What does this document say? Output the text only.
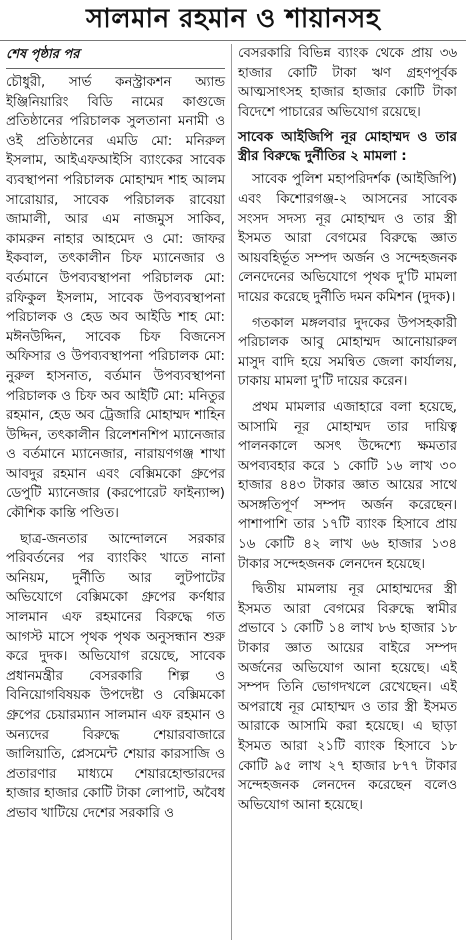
সালমান রহমান ও শায়ানসহ
শেষ পৃষ্ঠার পর

চৌধুরী, সার্ভ কনস্ট্রাকশন অ্যান্ড ইঞ্জিনিয়ারিং বিডি নামের কাগুজে প্রতিষ্ঠানের পরিচালক সুলতানা মনামী ও ওই প্রতিষ্ঠানের এমডি মো: মনিরুল ইসলাম, আইএফআইসি ব্যাংকের সাবেক ব্যবস্থাপনা পরিচালক মোহাম্মদ শাহ আলম সারোয়ার, সাবেক পরিচালক রাবেয়া জামালী, আর এম নাজমুস সাকিব, কামরুন নাহার আহমেদ ও মো: জাফর ইকবাল, তৎকালীন চিফ ম্যানেজার ও বর্তমানে উপব্যবস্থাপনা পরিচালক মো: রফিকুল ইসলাম, সাবেক উপব্যবস্থাপনা পরিচালক ও হেড অব আইডি শাহ মো: মঈনউদ্দিন, সাবেক চিফ বিজনেস অফিসার ও উপব্যবস্থাপনা পরিচালক মো: নুরুল হাসনাত, বর্তমান উপব্যবস্থাপনা পরিচালক ও চিফ অব আইটি মো: মনিতুর রহমান, হেড অব ট্রেজারি মোহাম্মদ শাহিন উদ্দিন, তৎকালীন রিলেশনশিপ ম্যানেজার ও বর্তমানে ম্যানেজার, নারায়ণগঞ্জ শাখা আবদুর রহমান এবং বেক্সিমকো গ্রুপের ডেপুটি ম্যানেজার (করপোরেট ফাইন্যান্স) কৌশিক কান্তি পণ্ডিত।

ছাত্র-জনতার আন্দোলনে সরকার পরিবর্তনের পর ব্যাংকিং খাতে নানা অনিয়ম, দুর্নীতি আর লুটপাটের অভিযোগে বেক্সিমকো গ্রুপের কর্ণধার সালমান এফ রহমানের বিরুদ্ধে গত আগস্ট মাসে পৃথক পৃথক অনুসন্ধান শুরু করে দুদক। অভিযোগ রয়েছে, সাবেক প্রধানমন্ত্রীর বেসরকারি শিল্প ও বিনিয়োগবিষয়ক উপদেষ্টা ও বেক্সিমকো গ্রুপের চেয়ারম্যান সালমান এফ রহমান ও অন্যদের বিরুদ্ধে শেয়ারবাজারে জালিয়াতি, প্লেসমেন্ট শেয়ার কারসাজি ও প্রতারণার মাধ্যমে শেয়ারহোল্ডারদের হাজার হাজার কোটি টাকা লোপাট, অবৈধ প্রভাব খাটিয়ে দেশের সরকারি ও

বেসরকারি বিভিন্ন ব্যাংক থেকে প্রায় ৩৬ হাজার কোটি টাকা ঋণ গ্রহণপূর্বক আত্মসাৎসহ হাজার হাজার কোটি টাকা বিদেশে পাচারের অভিযোগ রয়েছে।

সাবেক আইজিপি নূর মোহাম্মদ ও তার স্ত্রীর বিরুদ্ধে দুর্নীতির ২ মামলা :

সাবেক পুলিশ মহাপরিদর্শক (আইজিপি) এবং কিশোরগঞ্জ-২ আসনের সাবেক সংসদ সদস্য নূর মোহাম্মদ ও তার স্ত্রী ইসমত আরা বেগমের বিরুদ্ধে জ্ঞাত আয়বহির্ভূত সম্পদ অর্জন ও সন্দেহজনক লেনদেনের অভিযোগে পৃথক দু'টি মামলা দায়ের করেছে দুর্নীতি দমন কমিশন (দুদক)।

গতকাল মঙ্গলবার দুদকের উপসহকারী পরিচালক আবু মোহাম্মদ আনোয়ারুল মাসুদ বাদি হয়ে সমন্বিত জেলা কার্যালয়, ঢাকায় মামলা দু'টি দায়ের করেন।

প্রথম মামলার এজাহারে বলা হয়েছে, আসামি নূর মোহাম্মদ তার দায়িত্ব পালনকালে অসৎ উদ্দেশ্যে ক্ষমতার অপব্যবহার করে ১ কোটি ১৬ লাখ ৩০ হাজার ৪৪৩ টাকার জ্ঞাত আয়ের সাথে অসঙ্গতিপূর্ণ সম্পদ অর্জন করেছেন। পাশাপাশি তার ১৭টি ব্যাংক হিসাবে প্রায় ১৬ কোটি ৪২ লাখ ৬৬ হাজার ১৩৪ টাকার সন্দেহজনক লেনদেন হয়েছে।

দ্বিতীয় মামলায় নূর মোহাম্মদের স্ত্রী ইসমত আরা বেগমের বিরুদ্ধে স্বামীর প্রভাবে ১ কোটি ১৪ লাখ ৮৬ হাজার ১৮ টাকার জ্ঞাত আয়ের বাইরে সম্পদ অর্জনের অভিযোগ আনা হয়েছে। এই সম্পদ তিনি ভোগদখলে রেখেছেন। এই অপরাধে নূর মোহাম্মদ ও তার স্ত্রী ইসমত আরাকে আসামি করা হয়েছে। এ ছাড়া ইসমত আরা ২১টি ব্যাংক হিসাবে ১৮ কোটি ৯৫ লাখ ২৭ হাজার ৮৭৭ টাকার সন্দেহজনক লেনদেন করেছেন বলেও অভিযোগ আনা হয়েছে।
